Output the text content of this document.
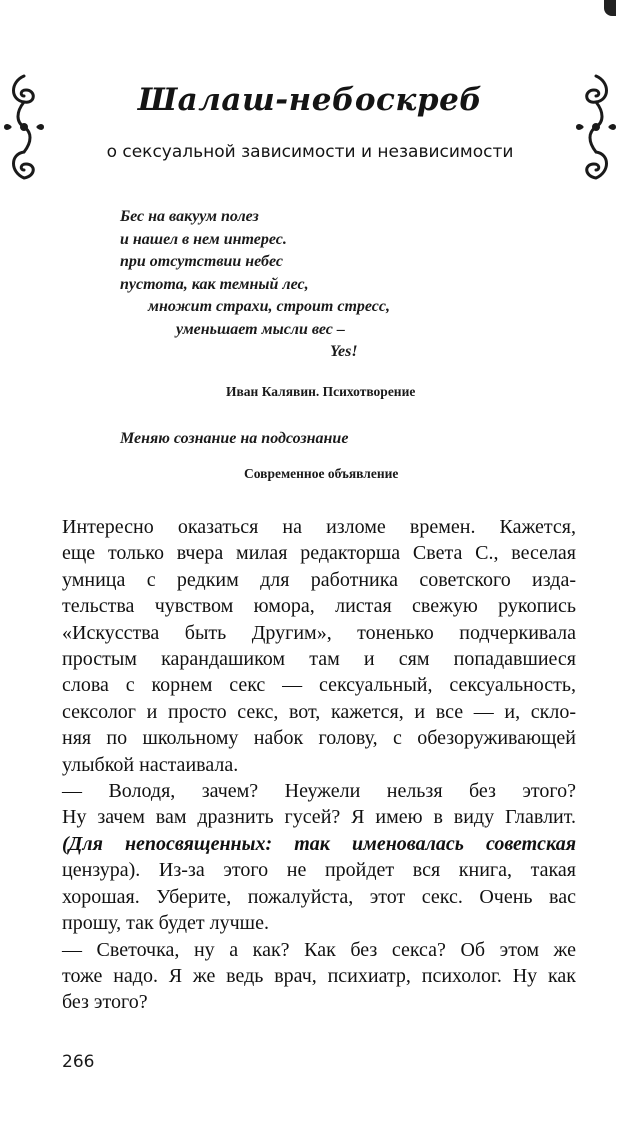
Шалаш-небоскреб
о сексуальной зависимости и независимости
Бес на вакуум полез
и нашел в нем интерес.
при отсутствии небес
пустота, как темный лес,
множит страхи, строит стресс,
уменьшает мысли вес –
Yes!
Иван Калявин. Психотворение
Меняю сознание на подсознание
Современное объявление
Интересно оказаться на изломе времен. Кажется,
еще только вчера милая редакторша Света С., веселая
умница с редким для работника советского изда-
тельства чувством юмора, листая свежую рукопись
«Искусства быть Другим», тоненько подчеркивала
простым карандашиком там и сям попадавшиеся
слова с корнем секс — сексуальный, сексуальность,
сексолог и просто секс, вот, кажется, и все — и, скло-
няя по школьному набок голову, с обезоруживающей
улыбкой настаивала.
— Володя, зачем? Неужели нельзя без этого?
Ну зачем вам дразнить гусей? Я имею в виду Главлит.
(Для непосвященных: так именовалась советская
цензура). Из-за этого не пройдет вся книга, такая
хорошая. Уберите, пожалуйста, этот секс. Очень вас
прошу, так будет лучше.
— Светочка, ну а как? Как без секса? Об этом же
тоже надо. Я же ведь врач, психиатр, психолог. Ну как
без этого?
266
